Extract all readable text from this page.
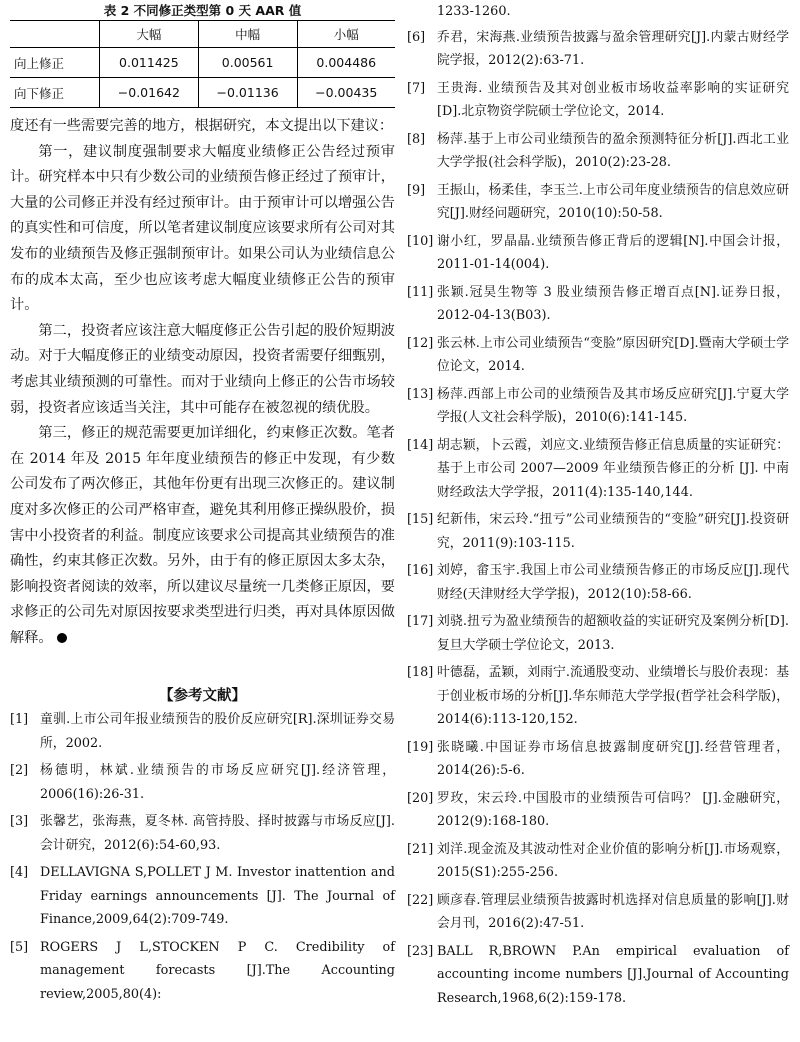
表 2 不同修正类型第 0 天 AAR 值
	大幅	中幅	小幅
向上修正	0.011425	0.00561	0.004486
向下修正	−0.01642	−0.01136	−0.00435

度还有一些需要完善的地方，根据研究，本文提出以下建议：

第一，建议制度强制要求大幅度业绩修正公告经过预审计。研究样本中只有少数公司的业绩预告修正经过了预审计，大量的公司修正并没有经过预审计。由于预审计可以增强公告的真实性和可信度，所以笔者建议制度应该要求所有公司对其发布的业绩预告及修正强制预审计。如果公司认为业绩信息公布的成本太高，至少也应该考虑大幅度业绩修正公告的预审计。

第二，投资者应该注意大幅度修正公告引起的股价短期波动。对于大幅度修正的业绩变动原因，投资者需要仔细甄别，考虑其业绩预测的可靠性。而对于业绩向上修正的公告市场较弱，投资者应该适当关注，其中可能存在被忽视的绩优股。

第三，修正的规范需要更加详细化，约束修正次数。笔者在 2014 年及 2015 年年度业绩预告的修正中发现，有少数公司发布了两次修正，其他年份更有出现三次修正的。建议制度对多次修正的公司严格审查，避免其利用修正操纵股价，损害中小投资者的利益。制度应该要求公司提高其业绩预告的准确性，约束其修正次数。另外，由于有的修正原因太多太杂，影响投资者阅读的效率，所以建议尽量统一几类修正原因，要求修正的公司先对原因按要求类型进行归类，再对具体原因做解释。

【参考文献】
[1] 童驯.上市公司年报业绩预告的股价反应研究[R].深圳证券交易所，2002.
[2] 杨德明，林斌.业绩预告的市场反应研究[J].经济管理，2006(16):26-31.
[3] 张馨艺，张海燕，夏冬林. 高管持股、择时披露与市场反应[J].会计研究，2012(6):54-60,93.
[4] DELLAVIGNA S,POLLET J M. Investor inattention and Friday earnings announcements [J]. The Journal of Finance,2009,64(2):709-749.
[5] ROGERS J L,STOCKEN P C. Credibility of management forecasts [J].The Accounting review,2005,80(4):
1233-1260.
[6] 乔君，宋海燕.业绩预告披露与盈余管理研究[J].内蒙古财经学院学报，2012(2):63-71.
[7] 王贵海. 业绩预告及其对创业板市场收益率影响的实证研究[D].北京物资学院硕士学位论文，2014.
[8] 杨萍.基于上市公司业绩预告的盈余预测特征分析[J].西北工业大学学报(社会科学版)，2010(2):23-28.
[9] 王振山，杨柔佳，李玉兰.上市公司年度业绩预告的信息效应研究[J].财经问题研究，2010(10):50-58.
[10] 谢小红，罗晶晶.业绩预告修正背后的逻辑[N].中国会计报，2011-01-14(004).
[11] 张颖.冠昊生物等 3 股业绩预告修正增百点[N].证券日报，2012-04-13(B03).
[12] 张云林.上市公司业绩预告“变脸”原因研究[D].暨南大学硕士学位论文，2014.
[13] 杨萍.西部上市公司的业绩预告及其市场反应研究[J].宁夏大学学报(人文社会科学版)，2010(6):141-145.
[14] 胡志颖，卜云霞，刘应文.业绩预告修正信息质量的实证研究：基于上市公司 2007—2009 年业绩预告修正的分析 [J]. 中南财经政法大学学报，2011(4):135-140,144.
[15] 纪新伟，宋云玲.“扭亏”公司业绩预告的“变脸”研究[J].投资研究，2011(9):103-115.
[16] 刘婷，畲玉宇.我国上市公司业绩预告修正的市场反应[J].现代财经(天津财经大学学报)，2012(10):58-66.
[17] 刘骁.扭亏为盈业绩预告的超额收益的实证研究及案例分析[D].复旦大学硕士学位论文，2013.
[18] 叶德磊，孟颖，刘雨宁.流通股变动、业绩增长与股价表现：基于创业板市场的分析[J].华东师范大学学报(哲学社会科学版)，2014(6):113-120,152.
[19] 张晓曦.中国证券市场信息披露制度研究[J].经营管理者，2014(26):5-6.
[20] 罗玫，宋云玲.中国股市的业绩预告可信吗？ [J].金融研究，2012(9):168-180.
[21] 刘洋.现金流及其波动性对企业价值的影响分析[J].市场观察，2015(S1):255-256.
[22] 顾彦春.管理层业绩预告披露时机选择对信息质量的影响[J].财会月刊，2016(2):47-51.
[23] BALL R,BROWN P.An empirical evaluation of accounting income numbers [J].Journal of Accounting Research,1968,6(2):159-178.
